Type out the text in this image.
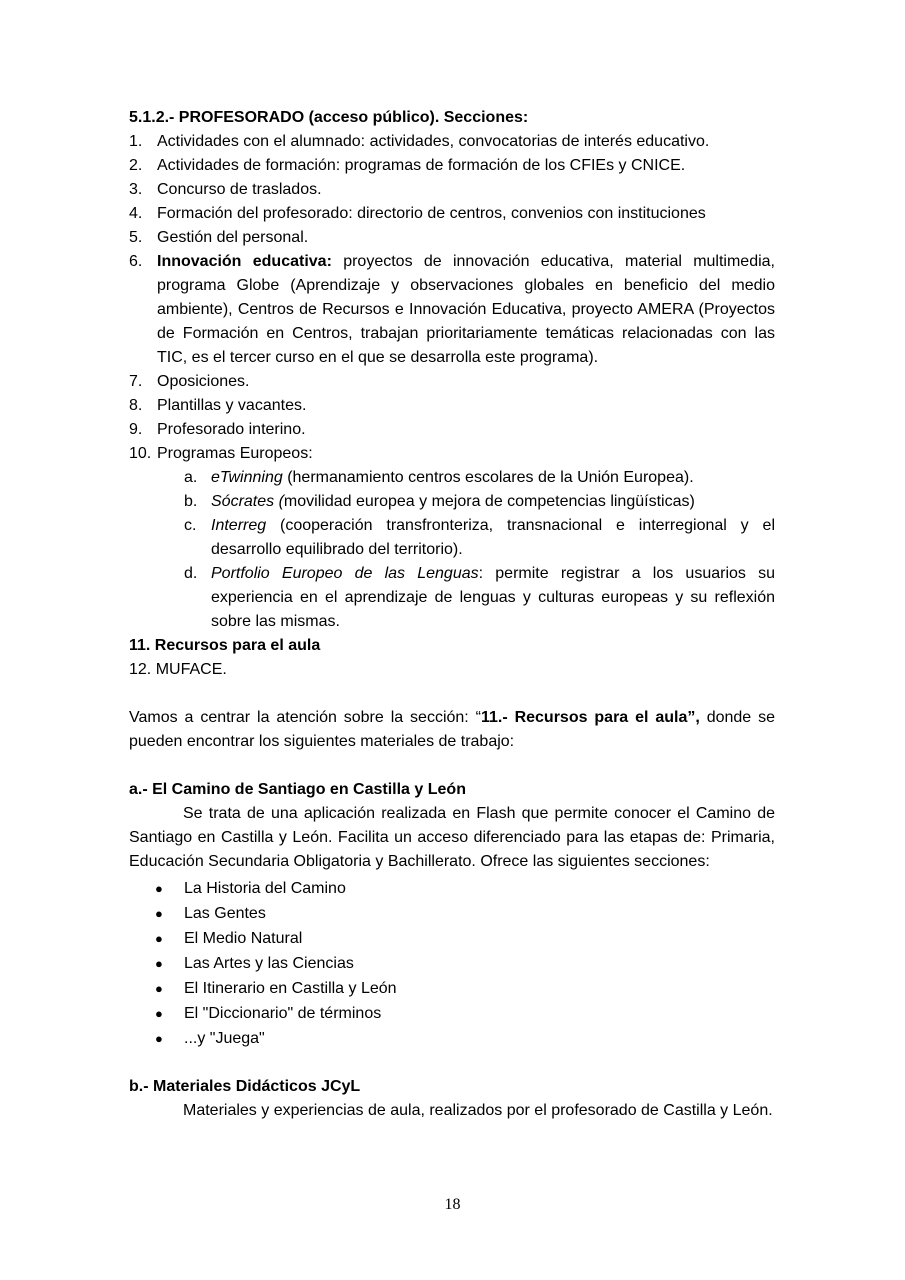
5.1.2.- PROFESORADO (acceso público). Secciones:

1. Actividades con el alumnado: actividades, convocatorias de interés educativo.
2. Actividades de formación: programas de formación de los CFIEs y CNICE.
3. Concurso de traslados.
4. Formación del profesorado: directorio de centros, convenios con instituciones
5. Gestión del personal.
6. Innovación educativa: proyectos de innovación educativa, material multimedia, programa Globe (Aprendizaje y observaciones globales en beneficio del medio ambiente), Centros de Recursos e Innovación Educativa, proyecto AMERA (Proyectos de Formación en Centros, trabajan prioritariamente temáticas relacionadas con las TIC, es el tercer curso en el que se desarrolla este programa).
7. Oposiciones.
8. Plantillas y vacantes.
9. Profesorado interino.
10. Programas Europeos:
a. eTwinning (hermanamiento centros escolares de la Unión Europea).
b. Sócrates (movilidad europea y mejora de competencias lingüísticas)
c. Interreg (cooperación transfronteriza, transnacional e interregional y el desarrollo equilibrado del territorio).
d. Portfolio Europeo de las Lenguas: permite registrar a los usuarios su experiencia en el aprendizaje de lenguas y culturas europeas y su reflexión sobre las mismas.

11. Recursos para el aula

12. MUFACE.

Vamos a centrar la atención sobre la sección: “11.- Recursos para el aula”, donde se pueden encontrar los siguientes materiales de trabajo:

a.- El Camino de Santiago en Castilla y León

Se trata de una aplicación realizada en Flash que permite conocer el Camino de Santiago en Castilla y León. Facilita un acceso diferenciado para las etapas de: Primaria, Educación Secundaria Obligatoria y Bachillerato. Ofrece las siguientes secciones:

●	La Historia del Camino
●	Las Gentes
●	El Medio Natural
●	Las Artes y las Ciencias
●	El Itinerario en Castilla y León
●	El "Diccionario" de términos
●	...y "Juega"

b.- Materiales Didácticos JCyL

Materiales y experiencias de aula, realizados por el profesorado de Castilla y León.

18
